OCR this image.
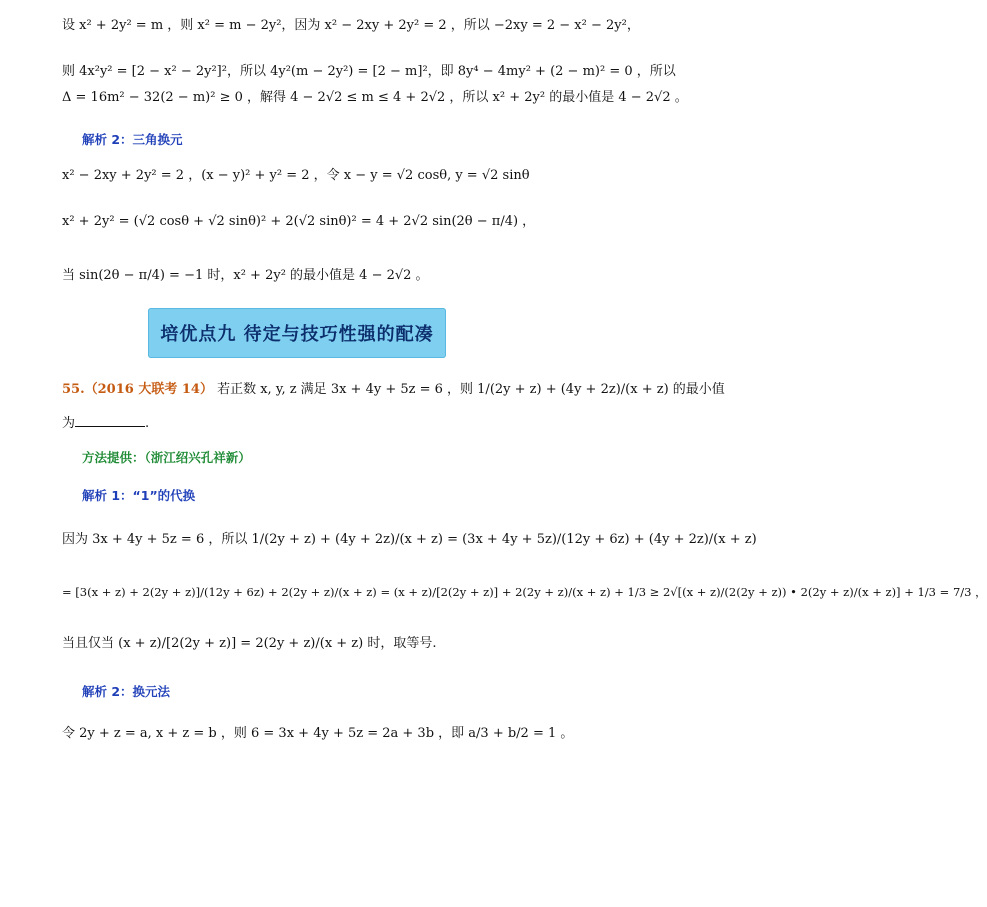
设 x² + 2y² = m ，则 x² = m − 2y²，因为 x² − 2xy + 2y² = 2 ，所以 −2xy = 2 − x² − 2y²，
则 4x²y² = [2 − x² − 2y²]²，所以 4y²(m − 2y²) = [2 − m]²，即 8y⁴ − 4my² + (2 − m)² = 0 ，所以
Δ = 16m² − 32(2 − m)² ≥ 0 ，解得 4 − 2√2 ≤ m ≤ 4 + 2√2 ，所以 x² + 2y² 的最小值是 4 − 2√2 。
解析 2：三角换元
x² − 2xy + 2y² = 2 ，(x − y)² + y² = 2 ，令 x − y = √2 cosθ, y = √2 sinθ
x² + 2y² = (√2 cosθ + √2 sinθ)² + 2(√2 sinθ)² = 4 + 2√2 sin(2θ − π/4) ，
当 sin(2θ − π/4) = −1 时，x² + 2y² 的最小值是 4 − 2√2 。
培优点九 待定与技巧性强的配凑
55.（2016 大联考 14） 若正数 x, y, z 满足 3x + 4y + 5z = 6 ，则 1/(2y + z) + (4y + 2z)/(x + z) 的最小值
为	.
方法提供：（浙江绍兴孔祥新）
解析 1：“1”的代换
因为 3x + 4y + 5z = 6 ，所以 1/(2y + z) + (4y + 2z)/(x + z) = (3x + 4y + 5z)/(12y + 6z) + (4y + 2z)/(x + z)
= [3(x + z) + 2(2y + z)]/(12y + 6z) + 2(2y + z)/(x + z) = (x + z)/[2(2y + z)] + 2(2y + z)/(x + z) + 1/3 ≥ 2√[(x + z)/(2(2y + z)) • 2(2y + z)/(x + z)] + 1/3 = 7/3 ，
当且仅当 (x + z)/[2(2y + z)] = 2(2y + z)/(x + z) 时，取等号.
解析 2：换元法
令 2y + z = a, x + z = b ，则 6 = 3x + 4y + 5z = 2a + 3b ，即 a/3 + b/2 = 1 。
